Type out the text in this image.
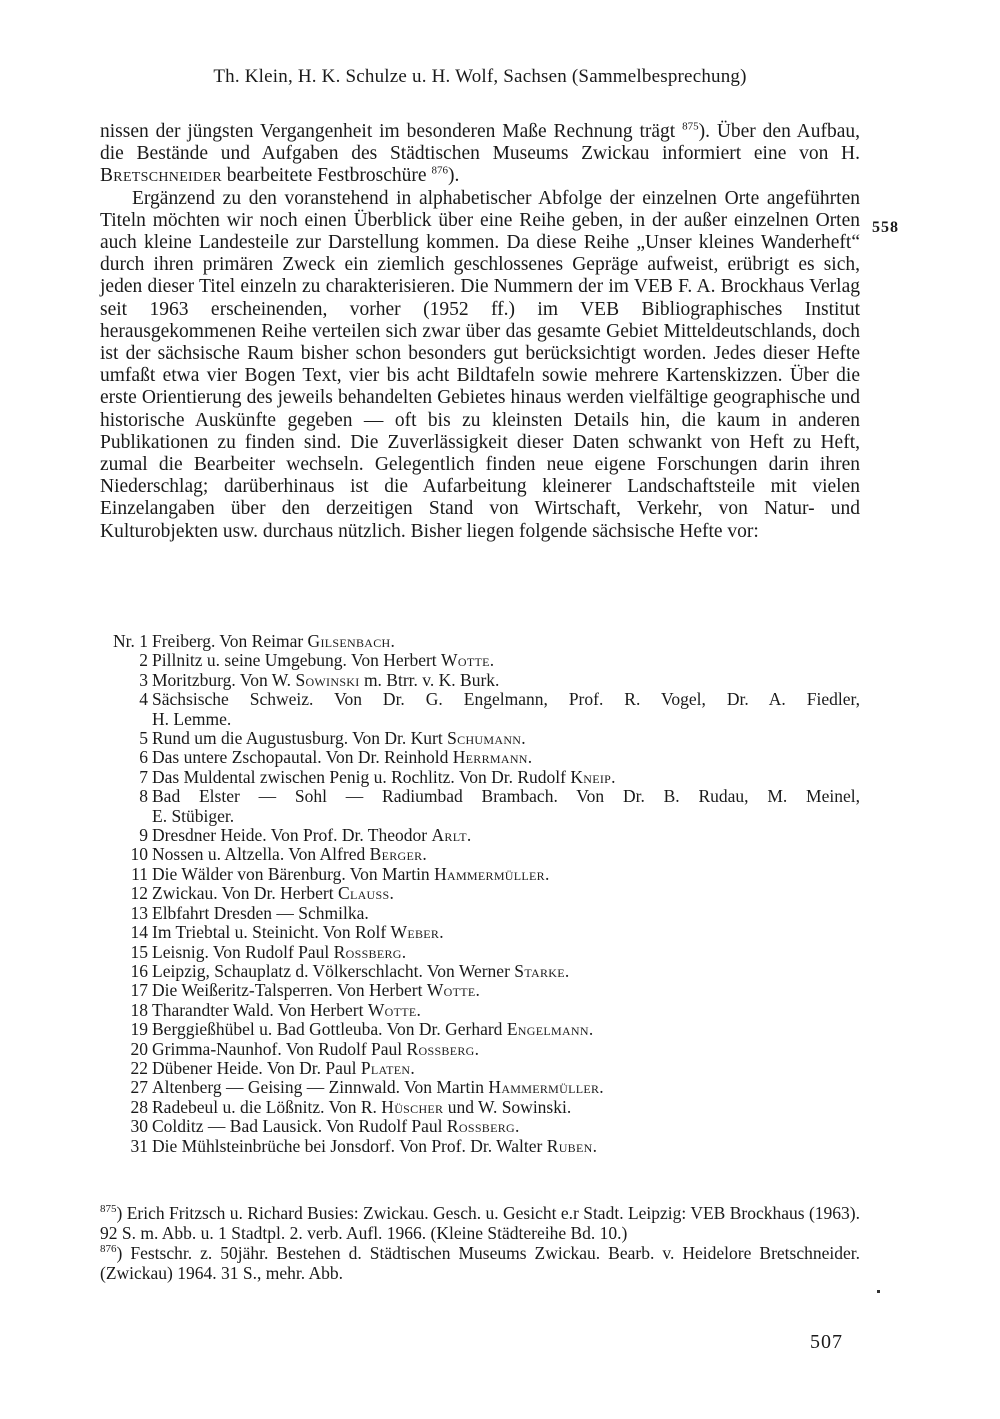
Th. Klein, H. K. Schulze u. H. Wolf, Sachsen (Sammelbesprechung)
558

nissen der jüngsten Vergangenheit im besonderen Maße Rechnung trägt $^{875}$). Über den Aufbau, die Bestände und Aufgaben des Städtischen Museums Zwickau informiert eine von H. Bretschneider bearbeitete Festbroschüre $^{876}$).

Ergänzend zu den voranstehend in alphabetischer Abfolge der einzelnen Orte angeführten Titeln möchten wir noch einen Überblick über eine Reihe geben, in der außer einzelnen Orten auch kleine Landesteile zur Darstellung kommen. Da diese Reihe „Unser kleines Wanderheft“ durch ihren primären Zweck ein ziemlich geschlossenes Gepräge aufweist, erübrigt es sich, jeden dieser Titel einzeln zu charakterisieren. Die Nummern der im VEB F. A. Brockhaus Verlag seit 1963 erscheinenden, vorher (1952 ff.) im VEB Bibliographisches Institut herausgekommenen Reihe verteilen sich zwar über das gesamte Gebiet Mitteldeutschlands, doch ist der sächsische Raum bisher schon besonders gut berücksichtigt worden. Jedes dieser Hefte umfaßt etwa vier Bogen Text, vier bis acht Bildtafeln sowie mehrere Kartenskizzen. Über die erste Orientierung des jeweils behandelten Gebietes hinaus werden vielfältige geographische und historische Auskünfte gegeben — oft bis zu kleinsten Details hin, die kaum in anderen Publikationen zu finden sind. Die Zuverlässigkeit dieser Daten schwankt von Heft zu Heft, zumal die Bearbeiter wechseln. Gelegentlich finden neue eigene Forschungen darin ihren Niederschlag; darüberhinaus ist die Aufarbeitung kleinerer Landschaftsteile mit vielen Einzelangaben über den derzeitigen Stand von Wirtschaft, Verkehr, von Natur- und Kulturobjekten usw. durchaus nützlich. Bisher liegen folgende sächsische Hefte vor:

Nr. 1 Freiberg. Von Reimar Gilsenbach.
2 Pillnitz u. seine Umgebung. Von Herbert Wotte.
3 Moritzburg. Von W. Sowinski m. Btrr. v. K. Burk.
4 Sächsische Schweiz. Von Dr. G. Engelmann, Prof. R. Vogel, Dr. A. Fiedler,
H. Lemme.
5 Rund um die Augustusburg. Von Dr. Kurt Schumann.
6 Das untere Zschopautal. Von Dr. Reinhold Herrmann.
7 Das Muldental zwischen Penig u. Rochlitz. Von Dr. Rudolf Kneip.
8 Bad Elster — Sohl — Radiumbad Brambach. Von Dr. B. Rudau, M. Meinel,
E. Stübiger.
9 Dresdner Heide. Von Prof. Dr. Theodor Arlt.
10 Nossen u. Altzella. Von Alfred Berger.
11 Die Wälder von Bärenburg. Von Martin Hammermüller.
12 Zwickau. Von Dr. Herbert Clauss.
13 Elbfahrt Dresden — Schmilka.
14 Im Triebtal u. Steinicht. Von Rolf Weber.
15 Leisnig. Von Rudolf Paul Rossberg.
16 Leipzig, Schauplatz d. Völkerschlacht. Von Werner Starke.
17 Die Weißeritz-Talsperren. Von Herbert Wotte.
18 Tharandter Wald. Von Herbert Wotte.
19 Berggießhübel u. Bad Gottleuba. Von Dr. Gerhard Engelmann.
20 Grimma-Naunhof. Von Rudolf Paul Rossberg.
22 Dübener Heide. Von Dr. Paul Platen.
27 Altenberg — Geising — Zinnwald. Von Martin Hammermüller.
28 Radebeul u. die Lößnitz. Von R. Hüscher und W. Sowinski.
30 Colditz — Bad Lausick. Von Rudolf Paul Rossberg.
31 Die Mühlsteinbrüche bei Jonsdorf. Von Prof. Dr. Walter Ruben.

$^{875}$) Erich Fritzsch u. Richard Busies: Zwickau. Gesch. u. Gesicht e.r Stadt. Leipzig: VEB Brockhaus (1963). 92 S. m. Abb. u. 1 Stadtpl. 2. verb. Aufl. 1966. (Kleine Städtereihe Bd. 10.)

$^{876}$) Festschr. z. 50jähr. Bestehen d. Städtischen Museums Zwickau. Bearb. v. Heidelore Bretschneider. (Zwickau) 1964. 31 S., mehr. Abb.

507
